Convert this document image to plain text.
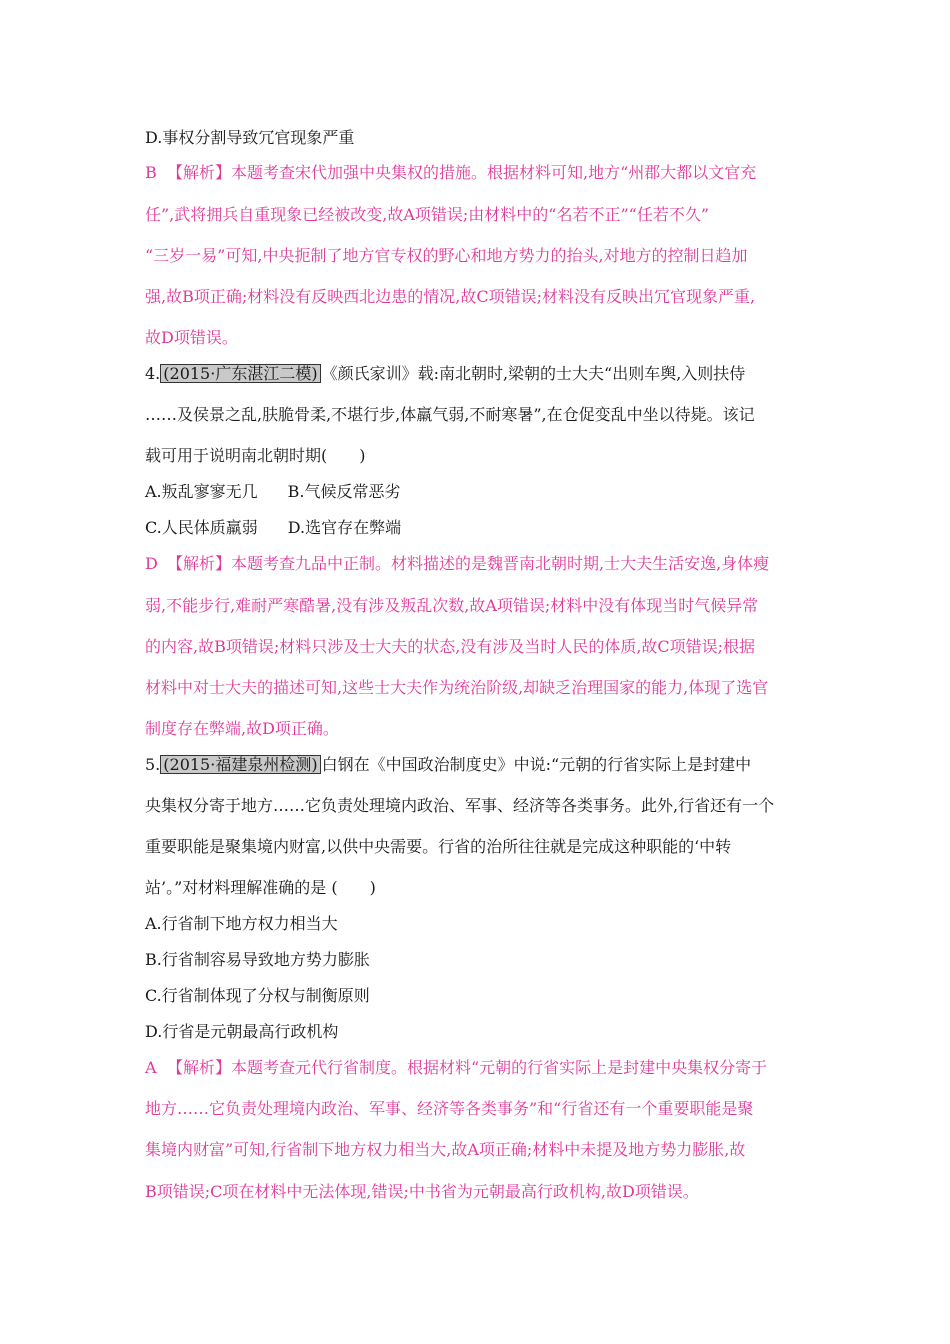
D.事权分割导致冗官现象严重
B 【解析】本题考查宋代加强中央集权的措施。根据材料可知,地方“州郡大都以文官充
任”,武将拥兵自重现象已经被改变,故A项错误;由材料中的“名若不正”“任若不久”
“三岁一易”可知,中央扼制了地方官专权的野心和地方势力的抬头,对地方的控制日趋加
强,故B项正确;材料没有反映西北边患的情况,故C项错误;材料没有反映出冗官现象严重,
故D项错误。
4. (2015·广东湛江二模) 《颜氏家训》载:南北朝时,梁朝的士大夫“出则车舆,入则扶侍
……及侯景之乱,肤脆骨柔,不堪行步,体羸气弱,不耐寒暑”,在仓促变乱中坐以待毙。该记
载可用于说明南北朝时期(　　)
A.叛乱寥寥无几 B.气候反常恶劣
C.人民体质羸弱 D.选官存在弊端
D 【解析】本题考查九品中正制。材料描述的是魏晋南北朝时期,士大夫生活安逸,身体瘦
弱,不能步行,难耐严寒酷暑,没有涉及叛乱次数,故A项错误;材料中没有体现当时气候异常
的内容,故B项错误;材料只涉及士大夫的状态,没有涉及当时人民的体质,故C项错误;根据
材料中对士大夫的描述可知,这些士大夫作为统治阶级,却缺乏治理国家的能力,体现了选官
制度存在弊端,故D项正确。
5. (2015·福建泉州检测) 白钢在《中国政治制度史》中说:“元朝的行省实际上是封建中
央集权分寄于地方……它负责处理境内政治、军事、经济等各类事务。此外,行省还有一个
重要职能是聚集境内财富,以供中央需要。行省的治所往往就是完成这种职能的‘中转
站’。”对材料理解准确的是 (　　)
A.行省制下地方权力相当大
B.行省制容易导致地方势力膨胀
C.行省制体现了分权与制衡原则
D.行省是元朝最高行政机构
A 【解析】本题考查元代行省制度。根据材料“元朝的行省实际上是封建中央集权分寄于
地方……它负责处理境内政治、军事、经济等各类事务”和“行省还有一个重要职能是聚
集境内财富”可知,行省制下地方权力相当大,故A项正确;材料中未提及地方势力膨胀,故
B项错误;C项在材料中无法体现,错误;中书省为元朝最高行政机构,故D项错误。
